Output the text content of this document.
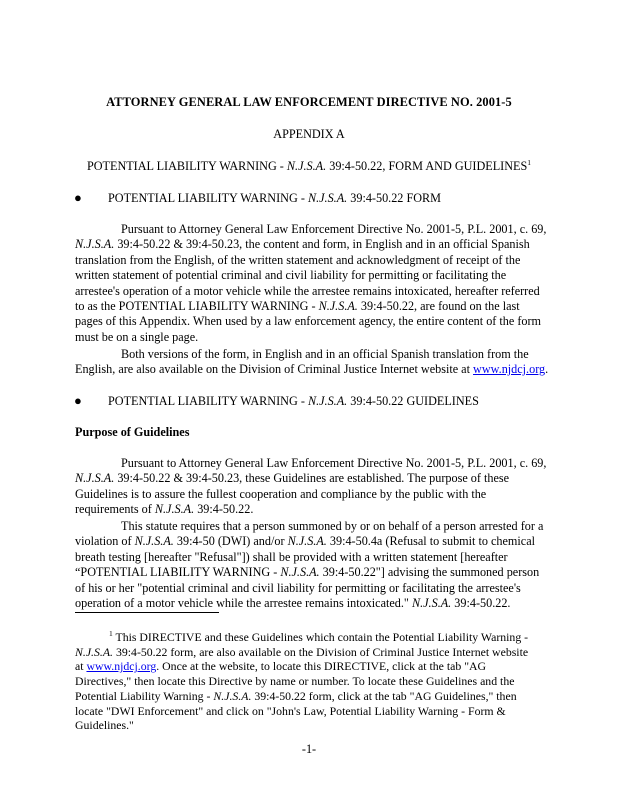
ATTORNEY GENERAL LAW ENFORCEMENT DIRECTIVE NO. 2001-5
APPENDIX A
POTENTIAL LIABILITY WARNING - N.J.S.A. 39:4-50.22, FORM AND GUIDELINES$^1$
● POTENTIAL LIABILITY WARNING - N.J.S.A. 39:4-50.22 FORM
Pursuant to Attorney General Law Enforcement Directive No. 2001-5, P.L. 2001, c. 69,
N.J.S.A. 39:4-50.22 & 39:4-50.23, the content and form, in English and in an official Spanish
translation from the English, of the written statement and acknowledgment of receipt of the
written statement of potential criminal and civil liability for permitting or facilitating the
arrestee's operation of a motor vehicle while the arrestee remains intoxicated, hereafter referred
to as the POTENTIAL LIABILITY WARNING - N.J.S.A. 39:4-50.22, are found on the last
pages of this Appendix. When used by a law enforcement agency, the entire content of the form
must be on a single page.
Both versions of the form, in English and in an official Spanish translation from the
English, are also available on the Division of Criminal Justice Internet website at www.njdcj.org.
● POTENTIAL LIABILITY WARNING - N.J.S.A. 39:4-50.22 GUIDELINES
Purpose of Guidelines
Pursuant to Attorney General Law Enforcement Directive No. 2001-5, P.L. 2001, c. 69,
N.J.S.A. 39:4-50.22 & 39:4-50.23, these Guidelines are established. The purpose of these
Guidelines is to assure the fullest cooperation and compliance by the public with the
requirements of N.J.S.A. 39:4-50.22.
This statute requires that a person summoned by or on behalf of a person arrested for a
violation of N.J.S.A. 39:4-50 (DWI) and/or N.J.S.A. 39:4-50.4a (Refusal to submit to chemical
breath testing [hereafter "Refusal"]) shall be provided with a written statement [hereafter
“POTENTIAL LIABILITY WARNING - N.J.S.A. 39:4-50.22"] advising the summoned person
of his or her "potential criminal and civil liability for permitting or facilitating the arrestee's
operation of a motor vehicle while the arrestee remains intoxicated." N.J.S.A. 39:4-50.22.
$^1$ This DIRECTIVE and these Guidelines which contain the Potential Liability Warning -
N.J.S.A. 39:4-50.22 form, are also available on the Division of Criminal Justice Internet website
at www.njdcj.org. Once at the website, to locate this DIRECTIVE, click at the tab "AG
Directives," then locate this Directive by name or number. To locate these Guidelines and the
Potential Liability Warning - N.J.S.A. 39:4-50.22 form, click at the tab "AG Guidelines," then
locate "DWI Enforcement" and click on "John's Law, Potential Liability Warning - Form &
Guidelines."
-1-
